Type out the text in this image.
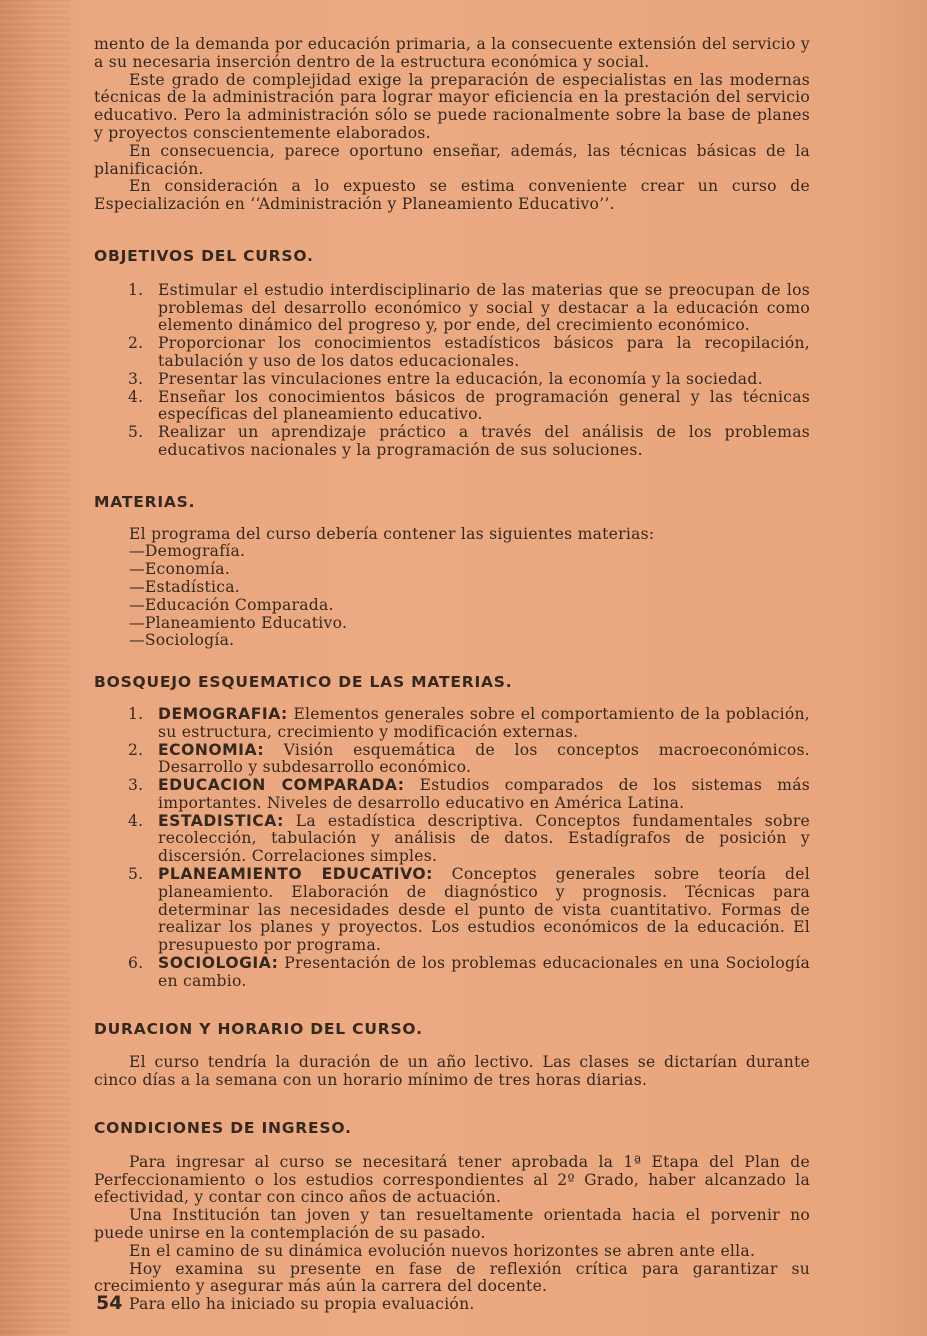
mento de la demanda por educación primaria, a la consecuente extensión del servicio y a su necesaria inserción dentro de la estructura económica y social.

Este grado de complejidad exige la preparación de especialistas en las modernas técnicas de la administración para lograr mayor eficiencia en la prestación del servicio educativo. Pero la administración sólo se puede racionalmente sobre la base de planes y proyectos conscientemente elaborados.

En consecuencia, parece oportuno enseñar, además, las técnicas básicas de la planificación.

En consideración a lo expuesto se estima conveniente crear un curso de Especialización en ‘‘Administración y Planeamiento Educativo’’.

OBJETIVOS DEL CURSO.
1. Estimular el estudio interdisciplinario de las materias que se preocupan de los problemas del desarrollo económico y social y destacar a la educación como elemento dinámico del progreso y, por ende, del crecimiento económico.
2. Proporcionar los conocimientos estadísticos básicos para la recopilación, tabulación y uso de los datos educacionales.
3. Presentar las vinculaciones entre la educación, la economía y la sociedad.
4. Enseñar los conocimientos básicos de programación general y las técnicas específicas del planeamiento educativo.
5. Realizar un aprendizaje práctico a través del análisis de los problemas educativos nacionales y la programación de sus soluciones.
MATERIAS.

El programa del curso debería contener las siguientes materias:

—Demografía.
—Economía.
—Estadística.
—Educación Comparada.
—Planeamiento Educativo.
—Sociología.
BOSQUEJO ESQUEMATICO DE LAS MATERIAS.
1. DEMOGRAFIA: Elementos generales sobre el comportamiento de la población, su estructura, crecimiento y modificación externas.
2. ECONOMIA: Visión esquemática de los conceptos macroeconómicos. Desarrollo y subdesarrollo económico.
3. EDUCACION COMPARADA: Estudios comparados de los sistemas más importantes. Niveles de desarrollo educativo en América Latina.
4. ESTADISTICA: La estadística descriptiva. Conceptos fundamentales sobre recolección, tabulación y análisis de datos. Estadígrafos de posición y discersión. Correlaciones simples.
5. PLANEAMIENTO EDUCATIVO: Conceptos generales sobre teoría del planeamiento. Elaboración de diagnóstico y prognosis. Técnicas para determinar las necesidades desde el punto de vista cuantitativo. Formas de realizar los planes y proyectos. Los estudios económicos de la educación. El presupuesto por programa.
6. SOCIOLOGIA: Presentación de los problemas educacionales en una Sociología en cambio.
DURACION Y HORARIO DEL CURSO.

El curso tendría la duración de un año lectivo. Las clases se dictarían durante cinco días a la semana con un horario mínimo de tres horas diarias.

CONDICIONES DE INGRESO.

Para ingresar al curso se necesitará tener aprobada la 1ª Etapa del Plan de Perfeccionamiento o los estudios correspondientes al 2º Grado, haber alcanzado la efectividad, y contar con cinco años de actuación.

Una Institución tan joven y tan resueltamente orientada hacia el porvenir no puede unirse en la contemplación de su pasado.

En el camino de su dinámica evolución nuevos horizontes se abren ante ella.

Hoy examina su presente en fase de reflexión crítica para garantizar su crecimiento y asegurar más aún la carrera del docente.

Para ello ha iniciado su propia evaluación.

54
